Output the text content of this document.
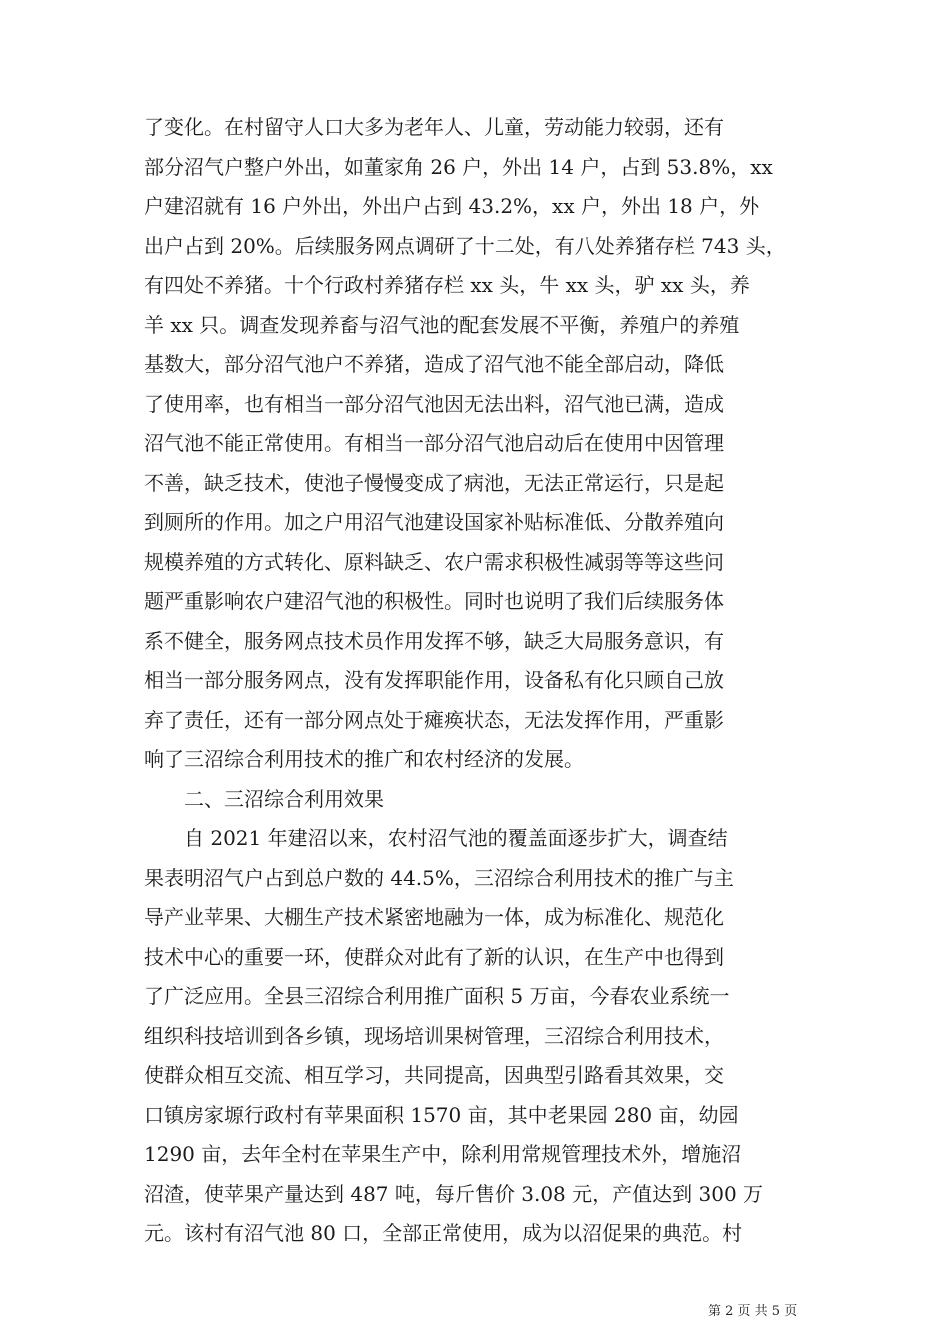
了变化。在村留守人口大多为老年人、儿童，劳动能力较弱，还有
部分沼气户整户外出，如董家角 26 户，外出 14 户，占到 53.8%，xx
户建沼就有 16 户外出，外出户占到 43.2%，xx 户，外出 18 户，外
出户占到 20%。后续服务网点调研了十二处，有八处养猪存栏 743 头，
有四处不养猪。十个行政村养猪存栏 xx 头，牛 xx 头，驴 xx 头，养
羊 xx 只。调查发现养畜与沼气池的配套发展不平衡，养殖户的养殖
基数大，部分沼气池户不养猪，造成了沼气池不能全部启动，降低
了使用率，也有相当一部分沼气池因无法出料，沼气池已满，造成
沼气池不能正常使用。有相当一部分沼气池启动后在使用中因管理
不善，缺乏技术，使池子慢慢变成了病池，无法正常运行，只是起
到厕所的作用。加之户用沼气池建设国家补贴标准低、分散养殖向
规模养殖的方式转化、原料缺乏、农户需求积极性减弱等等这些问
题严重影响农户建沼气池的积极性。同时也说明了我们后续服务体
系不健全，服务网点技术员作用发挥不够，缺乏大局服务意识，有
相当一部分服务网点，没有发挥职能作用，设备私有化只顾自己放
弃了责任，还有一部分网点处于瘫痪状态，无法发挥作用，严重影
响了三沼综合利用技术的推广和农村经济的发展。
二、三沼综合利用效果
自 2021 年建沼以来，农村沼气池的覆盖面逐步扩大，调查结
果表明沼气户占到总户数的 44.5%，三沼综合利用技术的推广与主
导产业苹果、大棚生产技术紧密地融为一体，成为标准化、规范化
技术中心的重要一环，使群众对此有了新的认识，在生产中也得到
了广泛应用。全县三沼综合利用推广面积 5 万亩，今春农业系统一
组织科技培训到各乡镇，现场培训果树管理，三沼综合利用技术，
使群众相互交流、相互学习，共同提高，因典型引路看其效果，交
口镇房家塬行政村有苹果面积 1570 亩，其中老果园 280 亩，幼园
1290 亩，去年全村在苹果生产中，除利用常规管理技术外，增施沼
沼渣，使苹果产量达到 487 吨，每斤售价 3.08 元，产值达到 300 万
元。该村有沼气池 80 口，全部正常使用，成为以沼促果的典范。村
第 2 页 共 5 页
